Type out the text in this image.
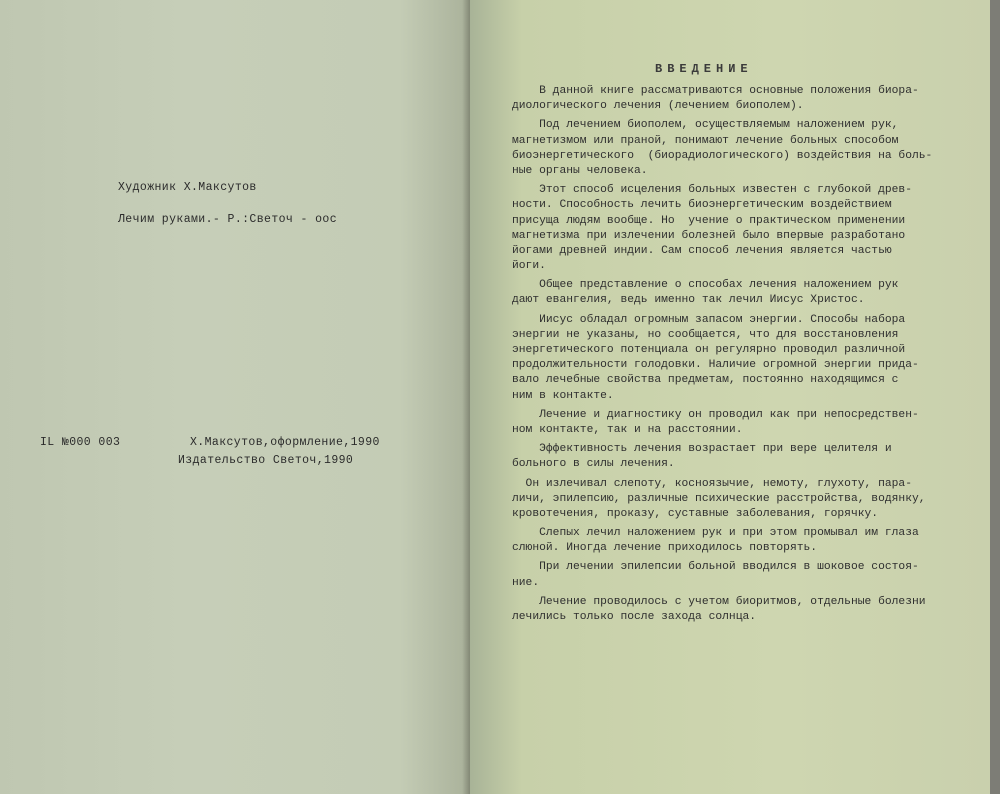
Художник Х.Максутов
Лечим руками.- Р.:Светоч - оос
IL №000 003	Х.Максутов,оформление,1990
Издательство Светоч,1990
ВВЕДЕНИЕ
В данной книге рассматриваются основные положения биора-
диологического лечения (лечением биополем).
Под лечением биополем, осуществляемым наложением рук,
магнетизмом или праной, понимают лечение больных способом
биоэнергетического  (биорадиологического) воздействия на боль-
ные органы человека.
Этот способ исцеления больных известен с глубокой древ-
ности. Способность лечить биоэнергетическим воздействием
присуща людям вообще. Но  учение о практическом применении
магнетизма при излечении болезней было впервые разработано
йогами древней индии. Сам способ лечения является частью
йоги.
Общее представление о способах лечения наложением рук
дают евангелия, ведь именно так лечил Иисус Христос.
Иисус обладал огромным запасом энергии. Способы набора
энергии не указаны, но сообщается, что для восстановления
энергетического потенциала он регулярно проводил различной
продолжительности голодовки. Наличие огромной энергии прида-
вало лечебные свойства предметам, постоянно находящимся с
ним в контакте.
Лечение и диагностику он проводил как при непосредствен-
ном контакте, так и на расстоянии.
Эффективность лечения возрастает при вере целителя и
больного в силы лечения.
Он излечивал слепоту, косноязычие, немоту, глухоту, пара-
личи, эпилепсию, различные психические расстройства, водянку,
кровотечения, проказу, суставные заболевания, горячку.
Слепых лечил наложением рук и при этом промывал им глаза
слюной. Иногда лечение приходилось повторять.
При лечении эпилепсии больной вводился в шоковое состоя-
ние.
Лечение проводилось с учетом биоритмов, отдельные болезни
лечились только после захода солнца.
